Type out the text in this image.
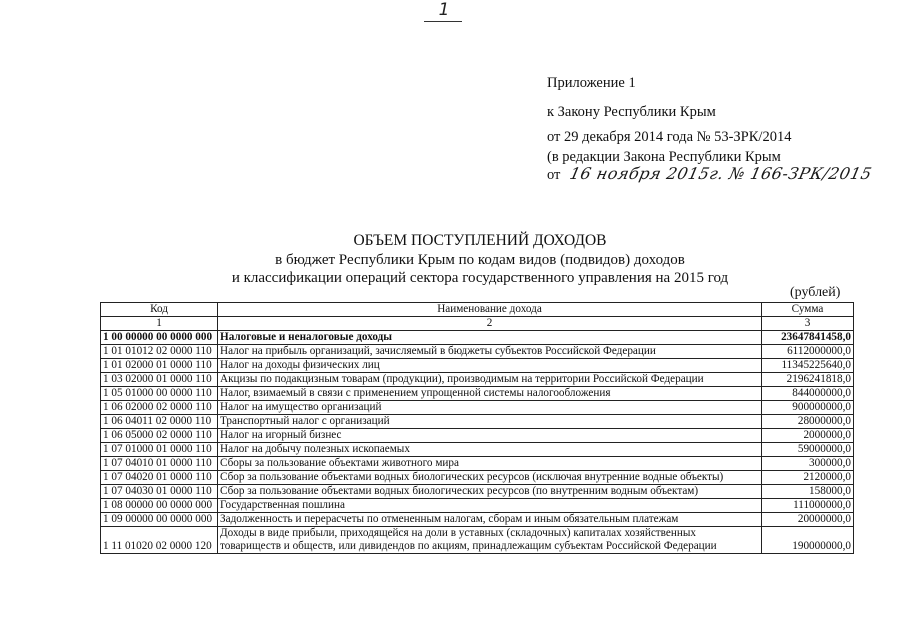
1
Приложение 1
к Закону Республики Крым
от 29 декабря 2014 года № 53-ЗРК/2014
(в редакции Закона Республики Крым
от 16 ноября 2015г. № 166-ЗРК/2015
ОБЪЕМ ПОСТУПЛЕНИЙ ДОХОДОВ
в бюджет Республики Крым по кодам видов (подвидов) доходов
и классификации операций сектора государственного управления на 2015 год
(рублей)
Код	Наименование дохода	Сумма
1	2	3
1 00 00000 00 0000 000	Налоговые и неналоговые доходы	23647841458,0
1 01 01012 02 0000 110	Налог на прибыль организаций, зачисляемый в бюджеты субъектов Российской Федерации	6112000000,0
1 01 02000 01 0000 110	Налог на доходы физических лиц	11345225640,0
1 03 02000 01 0000 110	Акцизы по подакцизным товарам (продукции), производимым на территории Российской Федерации	2196241818,0
1 05 01000 00 0000 110	Налог, взимаемый в связи с применением упрощенной системы налогообложения	844000000,0
1 06 02000 02 0000 110	Налог на имущество организаций	900000000,0
1 06 04011 02 0000 110	Транспортный налог с организаций	28000000,0
1 06 05000 02 0000 110	Налог на игорный бизнес	2000000,0
1 07 01000 01 0000 110	Налог на добычу полезных ископаемых	59000000,0
1 07 04010 01 0000 110	Сборы за пользование объектами животного мира	300000,0
1 07 04020 01 0000 110	Сбор за пользование объектами водных биологических ресурсов (исключая внутренние водные объекты)	2120000,0
1 07 04030 01 0000 110	Сбор за пользование объектами водных биологических ресурсов (по внутренним водным объектам)	158000,0
1 08 00000 00 0000 000	Государственная пошлина	111000000,0
1 09 00000 00 0000 000	Задолженность и перерасчеты по отмененным налогам, сборам и иным обязательным платежам	20000000,0
1 11 01020 02 0000 120	Доходы в виде прибыли, приходящейся на доли в уставных (складочных) капиталах хозяйственных товариществ и обществ, или дивидендов по акциям, принадлежащим субъектам Российской Федерации	190000000,0
